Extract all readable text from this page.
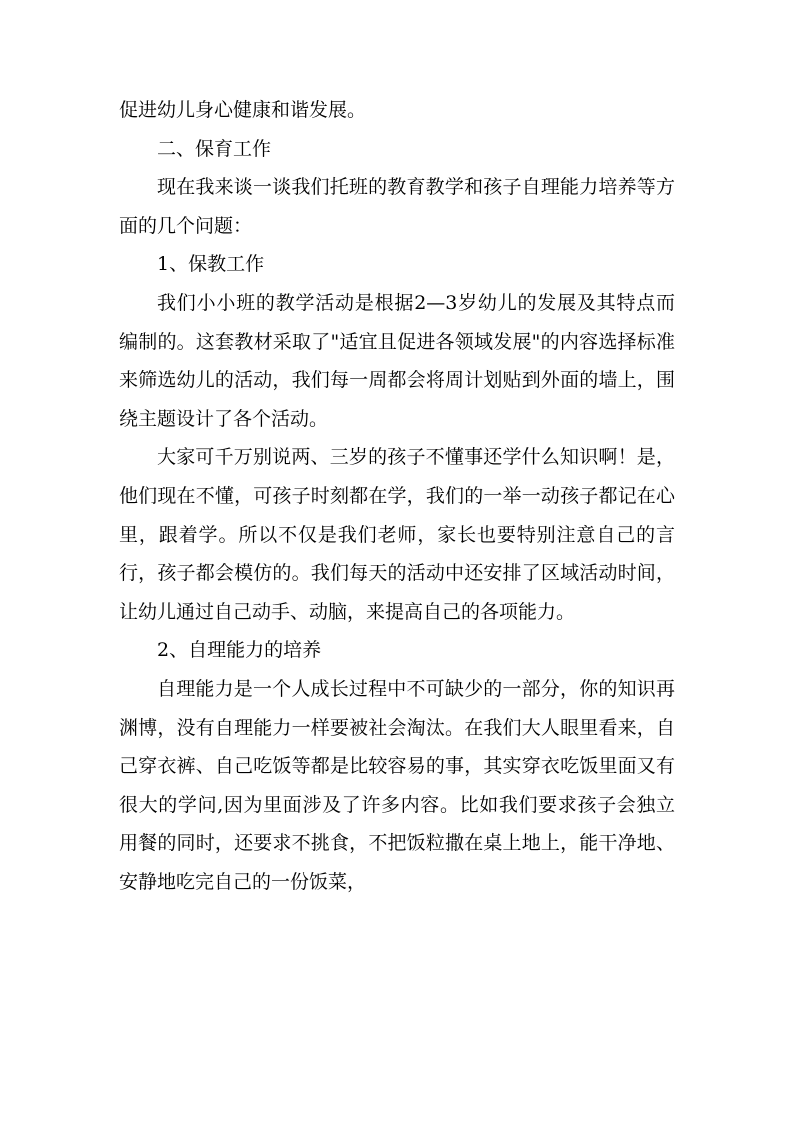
促进幼儿身心健康和谐发展。

二、保育工作

现在我来谈一谈我们托班的教育教学和孩子自理能力培养等方面的几个问题：

1、保教工作

我们小小班的教学活动是根据2—3岁幼儿的发展及其特点而编制的。这套教材采取了"适宜且促进各领域发展"的内容选择标准来筛选幼儿的活动，我们每一周都会将周计划贴到外面的墙上，围绕主题设计了各个活动。

大家可千万别说两、三岁的孩子不懂事还学什么知识啊！是，他们现在不懂，可孩子时刻都在学，我们的一举一动孩子都记在心里，跟着学。所以不仅是我们老师，家长也要特别注意自己的言行，孩子都会模仿的。我们每天的活动中还安排了区域活动时间，让幼儿通过自己动手、动脑，来提高自己的各项能力。

2、自理能力的培养

自理能力是一个人成长过程中不可缺少的一部分，你的知识再渊博，没有自理能力一样要被社会淘汰。在我们大人眼里看来，自己穿衣裤、自己吃饭等都是比较容易的事，其实穿衣吃饭里面又有很大的学问,因为里面涉及了许多内容。比如我们要求孩子会独立用餐的同时，还要求不挑食，不把饭粒撒在桌上地上，能干净地、安静地吃完自己的一份饭菜，
